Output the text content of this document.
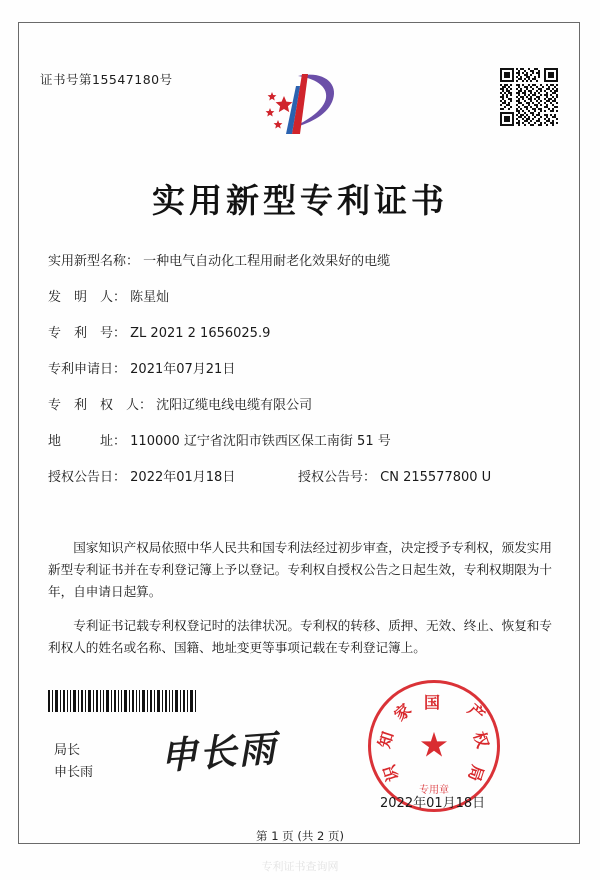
证书号第15547180号
实用新型专利证书
实用新型名称： 一种电气自动化工程用耐老化效果好的电缆
发　明　人： 陈星灿
专　利　号： ZL 2021 2 1656025.9
专利申请日： 2021年07月21日
专　利　权　人： 沈阳辽缆电线电缆有限公司
地　　　址： 110000 辽宁省沈阳市铁西区保工南街 51 号
授权公告日： 2022年01月18日	授权公告号： CN 215577800 U

国家知识产权局依照中华人民共和国专利法经过初步审查，决定授予专利权，颁发实用新型专利证书并在专利登记簿上予以登记。专利权自授权公告之日起生效，专利权期限为十年，自申请日起算。

专利证书记载专利权登记时的法律状况。专利权的转移、质押、无效、终止、恢复和专利权人的姓名或名称、国籍、地址变更等事项记载在专利登记簿上。

局长
申长雨 申长雨	★
国
家
知
识
产
权
局
专用章
2022年01月18日
第 1 页 (共 2 页)
专利证书查询网
